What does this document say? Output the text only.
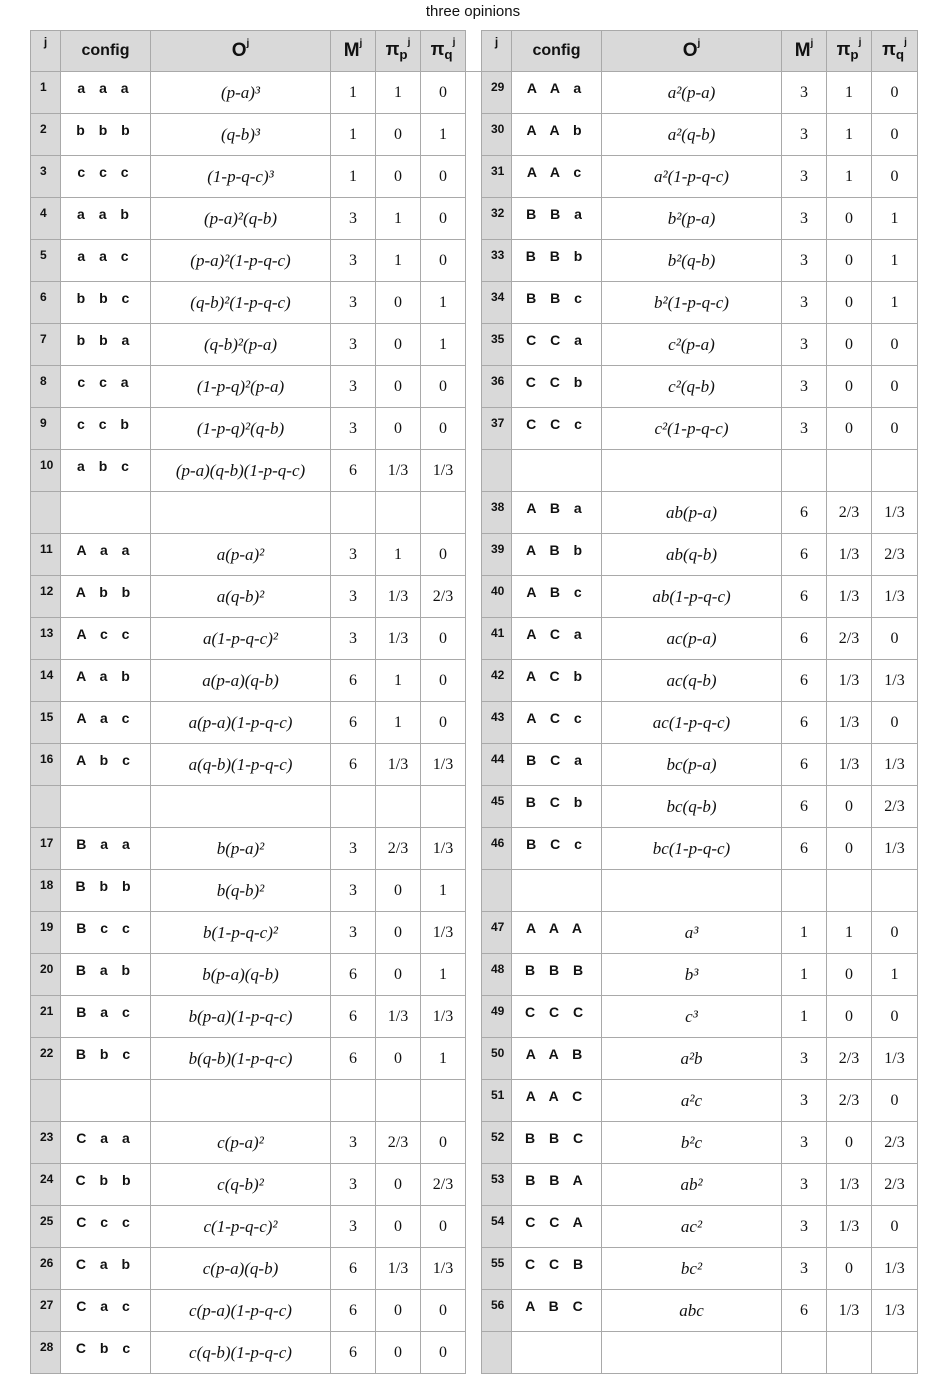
three opinions
j	config	$O^j$	$M^j$	$\pi_p^j$	$\pi_q^j$		j	config	$O^j$	$M^j$	$\pi_p^j$	$\pi_q^j$
1	a a a	(p-a)³	1	1	0		29	A A a	a²(p-a)	3	1	0
2	b b b	(q-b)³	1	0	1		30	A A b	a²(q-b)	3	1	0
3	c c c	(1-p-q-c)³	1	0	0		31	A A c	a²(1-p-q-c)	3	1	0
4	a a b	(p-a)²(q-b)	3	1	0		32	B B a	b²(p-a)	3	0	1
5	a a c	(p-a)²(1-p-q-c)	3	1	0		33	B B b	b²(q-b)	3	0	1
6	b b c	(q-b)²(1-p-q-c)	3	0	1		34	B B c	b²(1-p-q-c)	3	0	1
7	b b a	(q-b)²(p-a)	3	0	1		35	C C a	c²(p-a)	3	0	0
8	c c a	(1-p-q)²(p-a)	3	0	0		36	C C b	c²(q-b)	3	0	0
9	c c b	(1-p-q)²(q-b)	3	0	0		37	C C c	c²(1-p-q-c)	3	0	0
10	a b c	(p-a)(q-b)(1-p-q-c)	6	1/3	1/3							
							38	A B a	ab(p-a)	6	2/3	1/3
11	A a a	a(p-a)²	3	1	0		39	A B b	ab(q-b)	6	1/3	2/3
12	A b b	a(q-b)²	3	1/3	2/3		40	A B c	ab(1-p-q-c)	6	1/3	1/3
13	A c c	a(1-p-q-c)²	3	1/3	0		41	A C a	ac(p-a)	6	2/3	0
14	A a b	a(p-a)(q-b)	6	1	0		42	A C b	ac(q-b)	6	1/3	1/3
15	A a c	a(p-a)(1-p-q-c)	6	1	0		43	A C c	ac(1-p-q-c)	6	1/3	0
16	A b c	a(q-b)(1-p-q-c)	6	1/3	1/3		44	B C a	bc(p-a)	6	1/3	1/3
							45	B C b	bc(q-b)	6	0	2/3
17	B a a	b(p-a)²	3	2/3	1/3		46	B C c	bc(1-p-q-c)	6	0	1/3
18	B b b	b(q-b)²	3	0	1							
19	B c c	b(1-p-q-c)²	3	0	1/3		47	A A A	a³	1	1	0
20	B a b	b(p-a)(q-b)	6	0	1		48	B B B	b³	1	0	1
21	B a c	b(p-a)(1-p-q-c)	6	1/3	1/3		49	C C C	c³	1	0	0
22	B b c	b(q-b)(1-p-q-c)	6	0	1		50	A A B	a²b	3	2/3	1/3
							51	A A C	a²c	3	2/3	0
23	C a a	c(p-a)²	3	2/3	0		52	B B C	b²c	3	0	2/3
24	C b b	c(q-b)²	3	0	2/3		53	B B A	ab²	3	1/3	2/3
25	C c c	c(1-p-q-c)²	3	0	0		54	C C A	ac²	3	1/3	0
26	C a b	c(p-a)(q-b)	6	1/3	1/3		55	C C B	bc²	3	0	1/3
27	C a c	c(p-a)(1-p-q-c)	6	0	0		56	A B C	abc	6	1/3	1/3
28	C b c	c(q-b)(1-p-q-c)	6	0	0							
